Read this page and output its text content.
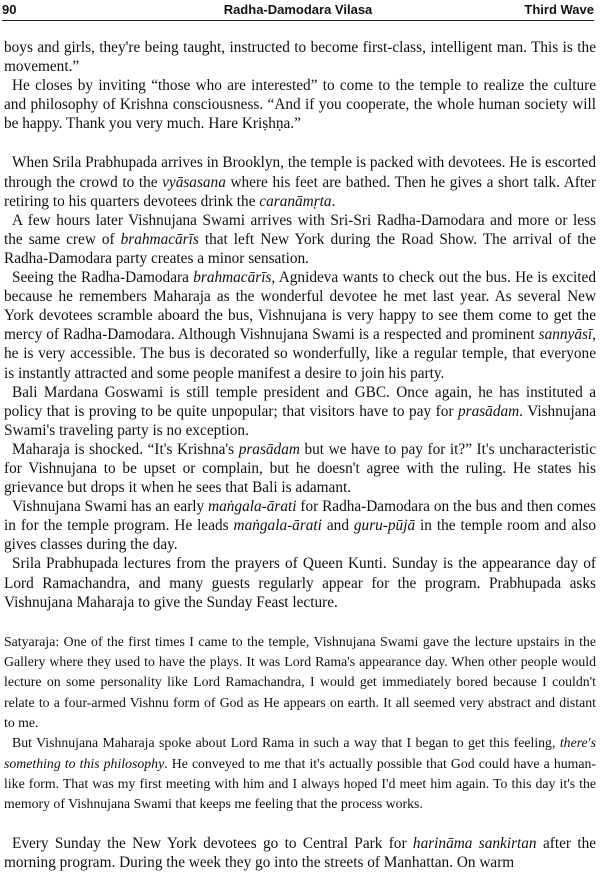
90	Radha-Damodara Vilasa	Third Wave

boys and girls, they're being taught, instructed to become first-class, intelligent man. This is the movement.”

He closes by inviting “those who are interested” to come to the temple to realize the culture and philosophy of Krishna consciousness. “And if you cooperate, the whole human society will be happy. Thank you very much. Hare Kriṣhṇa.”

When Srila Prabhupada arrives in Brooklyn, the temple is packed with devotees. He is escorted through the crowd to the vyāsasana where his feet are bathed. Then he gives a short talk. After retiring to his quarters devotees drink the caranāmṛta.

A few hours later Vishnujana Swami arrives with Sri-Sri Radha-Damodara and more or less the same crew of brahmacārīs that left New York during the Road Show. The arrival of the Radha-Damodara party creates a minor sensation.

Seeing the Radha-Damodara brahmacārīs, Agnideva wants to check out the bus. He is excited because he remembers Maharaja as the wonderful devotee he met last year. As several New York devotees scramble aboard the bus, Vishnujana is very happy to see them come to get the mercy of Radha-Damodara. Although Vishnujana Swami is a respected and prominent sannyāsī, he is very accessible. The bus is decorated so wonderfully, like a regular temple, that everyone is instantly attracted and some people manifest a desire to join his party.

Bali Mardana Goswami is still temple president and GBC. Once again, he has instituted a policy that is proving to be quite unpopular; that visitors have to pay for prasādam. Vishnujana Swami's traveling party is no exception.

Maharaja is shocked. “It's Krishna's prasādam but we have to pay for it?” It's uncharacteristic for Vishnujana to be upset or complain, but he doesn't agree with the ruling. He states his grievance but drops it when he sees that Bali is adamant.

Vishnujana Swami has an early maṅgala-ārati for Radha-Damodara on the bus and then comes in for the temple program. He leads maṅgala-ārati and guru-pūjā in the temple room and also gives classes during the day.

Srila Prabhupada lectures from the prayers of Queen Kunti. Sunday is the appearance day of Lord Ramachandra, and many guests regularly appear for the program. Prabhupada asks Vishnujana Maharaja to give the Sunday Feast lecture.

Satyaraja: One of the first times I came to the temple, Vishnujana Swami gave the lecture upstairs in the Gallery where they used to have the plays. It was Lord Rama's appearance day. When other people would lecture on some personality like Lord Ramachandra, I would get immediately bored because I couldn't relate to a four-armed Vishnu form of God as He appears on earth. It all seemed very abstract and distant to me.

But Vishnujana Maharaja spoke about Lord Rama in such a way that I began to get this feeling, there's something to this philosophy. He conveyed to me that it's actually possible that God could have a human-like form. That was my first meeting with him and I always hoped I'd meet him again. To this day it's the memory of Vishnujana Swami that keeps me feeling that the process works.

Every Sunday the New York devotees go to Central Park for harināma sankirtan after the morning program. During the week they go into the streets of Manhattan. On warm
